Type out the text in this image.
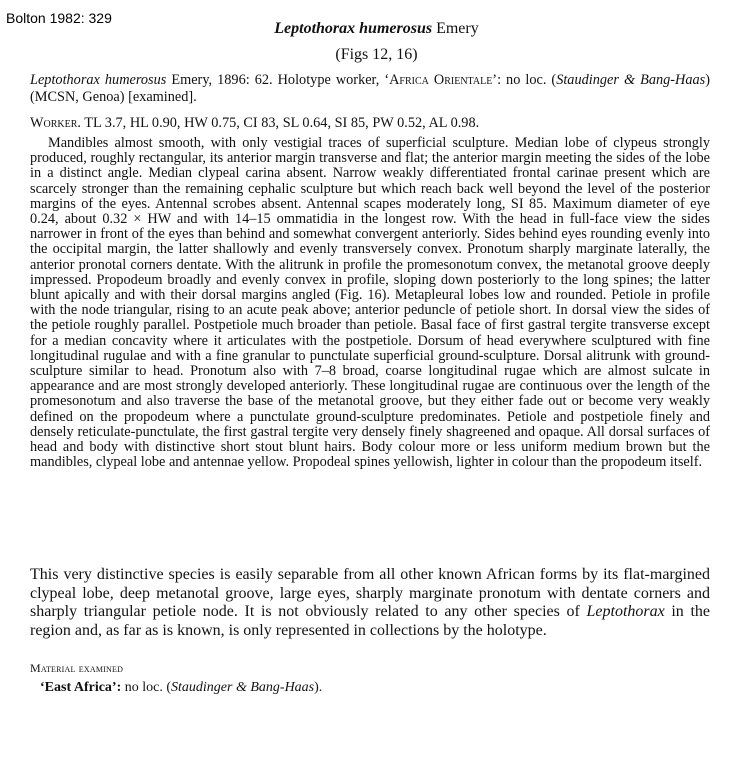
Bolton 1982: 329
Leptothorax humerosus Emery
(Figs 12, 16)
Leptothorax humerosus Emery, 1896: 62. Holotype worker, ‘Africa Orientale’: no loc. (Staudinger & Bang-Haas) (MCSN, Genoa) [examined].
Worker. TL 3.7, HL 0.90, HW 0.75, CI 83, SL 0.64, SI 85, PW 0.52, AL 0.98.
Mandibles almost smooth, with only vestigial traces of superficial sculpture. Median lobe of clypeus strongly produced, roughly rectangular, its anterior margin transverse and flat; the anterior margin meeting the sides of the lobe in a distinct angle. Median clypeal carina absent. Narrow weakly differentiated frontal carinae present which are scarcely stronger than the remaining cephalic sculpture but which reach back well beyond the level of the posterior margins of the eyes. Antennal scrobes absent. Antennal scapes moderately long, SI 85. Maximum diameter of eye 0.24, about 0.32 × HW and with 14–15 ommatidia in the longest row. With the head in full-face view the sides narrower in front of the eyes than behind and somewhat convergent anteriorly. Sides behind eyes rounding evenly into the occipital margin, the latter shallowly and evenly transversely convex. Pronotum sharply marginate laterally, the anterior pronotal corners dentate. With the alitrunk in profile the promesonotum convex, the metanotal groove deeply impressed. Propodeum broadly and evenly convex in profile, sloping down posteriorly to the long spines; the latter blunt apically and with their dorsal margins angled (Fig. 16). Metapleural lobes low and rounded. Petiole in profile with the node triangular, rising to an acute peak above; anterior peduncle of petiole short. In dorsal view the sides of the petiole roughly parallel. Postpetiole much broader than petiole. Basal face of first gastral tergite transverse except for a median concavity where it articulates with the postpetiole. Dorsum of head everywhere sculptured with fine longitudinal rugulae and with a fine granular to punctulate superficial ground-sculpture. Dorsal alitrunk with ground-sculpture similar to head. Pronotum also with 7–8 broad, coarse longitudinal rugae which are almost sulcate in appearance and are most strongly developed anteriorly. These longitudinal rugae are continuous over the length of the promesonotum and also traverse the base of the metanotal groove, but they either fade out or become very weakly defined on the propodeum where a punctulate ground-sculpture predominates. Petiole and postpetiole finely and densely reticulate-punctulate, the first gastral tergite very densely finely shagreened and opaque. All dorsal surfaces of head and body with distinctive short stout blunt hairs. Body colour more or less uniform medium brown but the mandibles, clypeal lobe and antennae yellow. Propodeal spines yellowish, lighter in colour than the propodeum itself.
This very distinctive species is easily separable from all other known African forms by its flat-margined clypeal lobe, deep metanotal groove, large eyes, sharply marginate pronotum with dentate corners and sharply triangular petiole node. It is not obviously related to any other species of Leptothorax in the region and, as far as is known, is only represented in collections by the holotype.
Material examined
‘East Africa’: no loc. (Staudinger & Bang-Haas).
